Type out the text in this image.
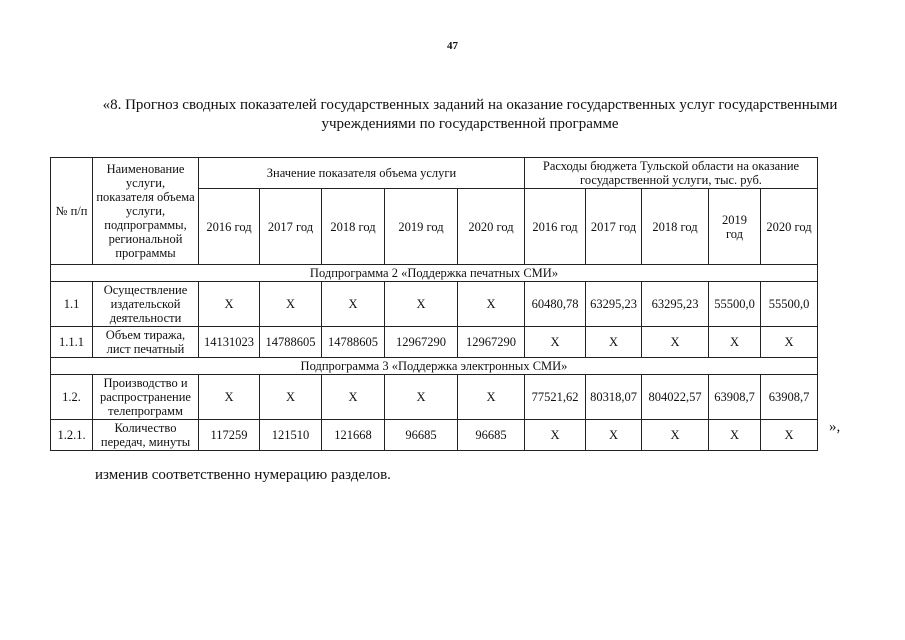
47
«8. Прогноз сводных показателей государственных заданий на оказание государственных услуг государственными учреждениями по государственной программе
№ п/п	Наименование услуги, показателя объема услуги, подпрограммы, региональной программы	Значение показателя объема услуги					Расходы бюджета Тульской области на оказание государственной услуги, тыс. руб.				
		2016 год	2017 год	2018 год	2019 год	2020 год	2016 год	2017 год	2018 год	2019 год	2020 год
Подпрограмма 2 «Поддержка печатных СМИ»											
1.1	Осуществление издательской деятельности	X	X	X	X	X	60480,78	63295,23	63295,23	55500,0	55500,0
1.1.1	Объем тиража, лист печатный	14131023	14788605	14788605	12967290	12967290	X	X	X	X	X
Подпрограмма 3 «Поддержка электронных СМИ»											
1.2.	Производство и распространение телепрограмм	X	X	X	X	X	77521,62	80318,07	804022,57	63908,7	63908,7
1.2.1.	Количество передач, минуты	117259	121510	121668	96685	96685	X	X	X	X	X »,
изменив соответственно нумерацию разделов.
